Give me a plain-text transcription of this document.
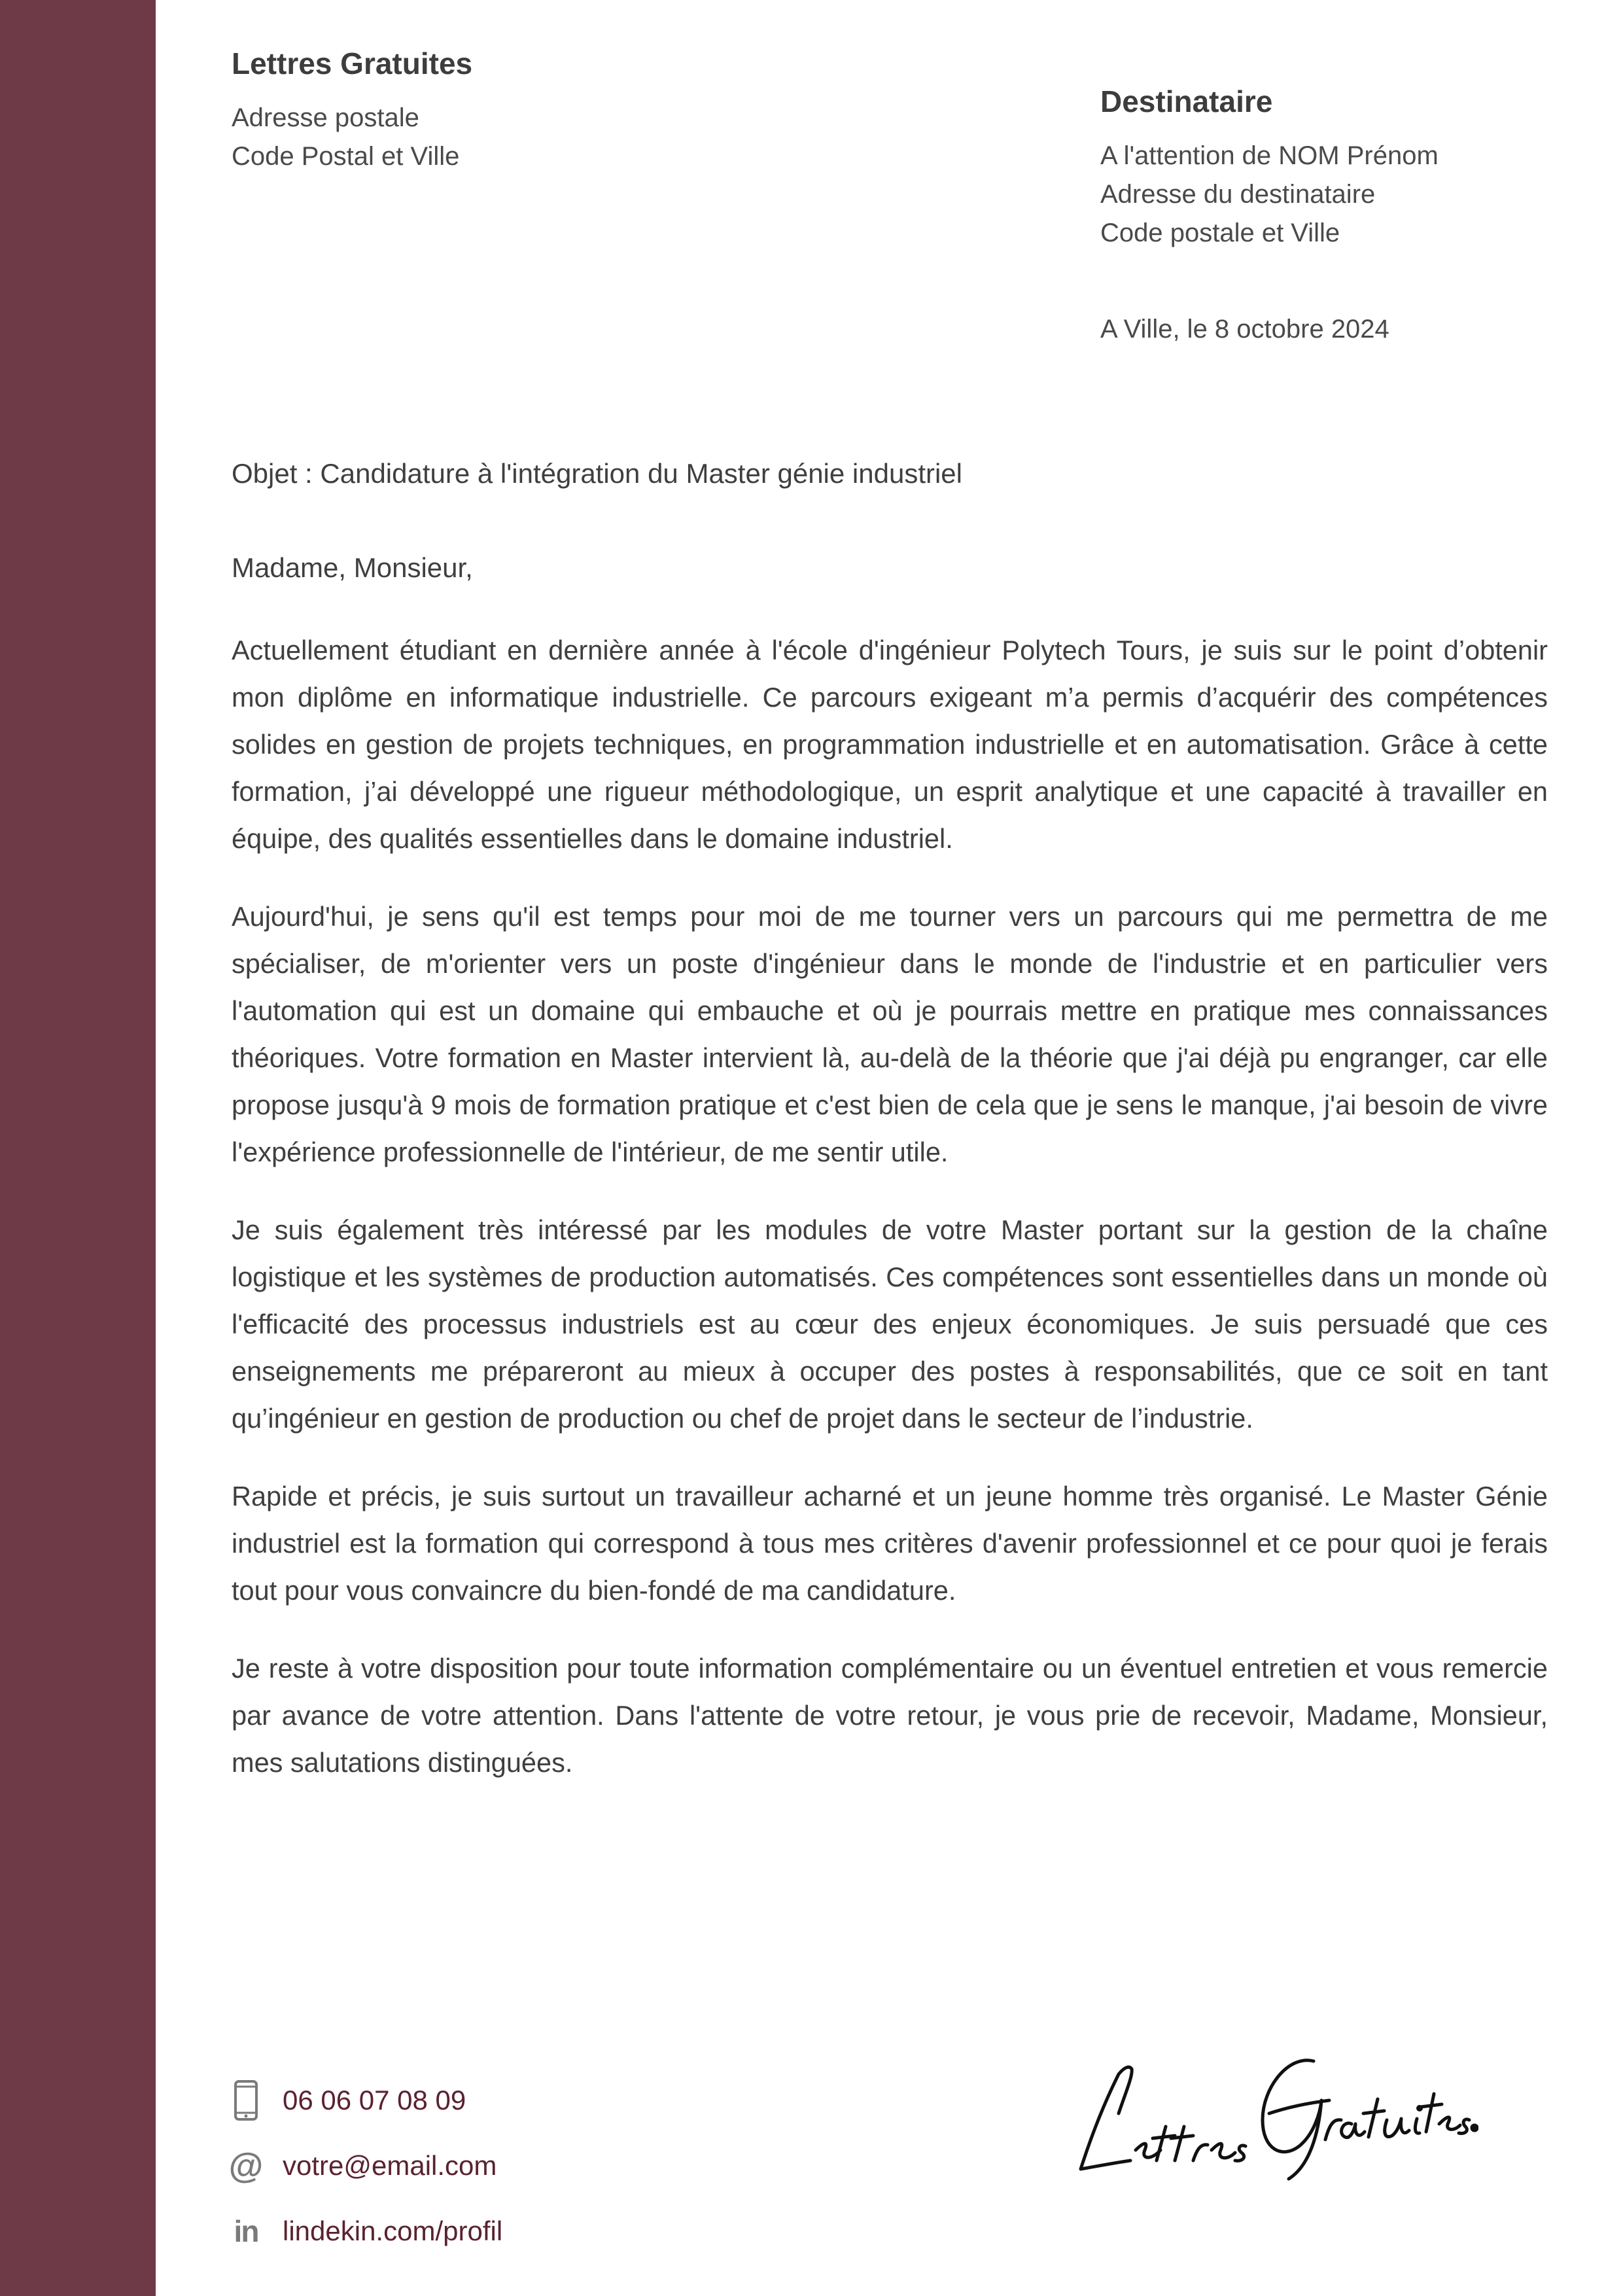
Lettres Gratuites
Adresse postale
Code Postal et Ville
Destinataire
A l'attention de NOM Prénom
Adresse du destinataire
Code postale et Ville
A Ville, le 8 octobre 2024
Objet : Candidature à l'intégration du Master génie industriel
Madame, Monsieur,

Actuellement étudiant en dernière année à l'école d'ingénieur Polytech Tours, je suis sur le point d’obtenir mon diplôme en informatique industrielle. Ce parcours exigeant m’a permis d’acquérir des compétences solides en gestion de projets techniques, en programmation industrielle et en automatisation. Grâce à cette formation, j’ai développé une rigueur méthodologique, un esprit analytique et une capacité à travailler en équipe, des qualités essentielles dans le domaine industriel.

Aujourd'hui, je sens qu'il est temps pour moi de me tourner vers un parcours qui me permettra de me spécialiser, de m'orienter vers un poste d'ingénieur dans le monde de l'industrie et en particulier vers l'automation qui est un domaine qui embauche et où je pourrais mettre en pratique mes connaissances théoriques. Votre formation en Master intervient là, au-delà de la théorie que j'ai déjà pu engranger, car elle propose jusqu'à 9 mois de formation pratique et c'est bien de cela que je sens le manque, j'ai besoin de vivre l'expérience professionnelle de l'intérieur, de me sentir utile.

Je suis également très intéressé par les modules de votre Master portant sur la gestion de la chaîne logistique et les systèmes de production automatisés. Ces compétences sont essentielles dans un monde où l'efficacité des processus industriels est au cœur des enjeux économiques. Je suis persuadé que ces enseignements me prépareront au mieux à occuper des postes à responsabilités, que ce soit en tant qu’ingénieur en gestion de production ou chef de projet dans le secteur de l’industrie.

Rapide et précis, je suis surtout un travailleur acharné et un jeune homme très organisé. Le Master Génie industriel est la formation qui correspond à tous mes critères d'avenir professionnel et ce pour quoi je ferais tout pour vous convaincre du bien-fondé de ma candidature.

Je reste à votre disposition pour toute information complémentaire ou un éventuel entretien et vous remercie par avance de votre attention. Dans l'attente de votre retour, je vous prie de recevoir, Madame, Monsieur, mes salutations distinguées.

06 06 07 08 09
@ votre@email.com
in lindekin.com/profil
